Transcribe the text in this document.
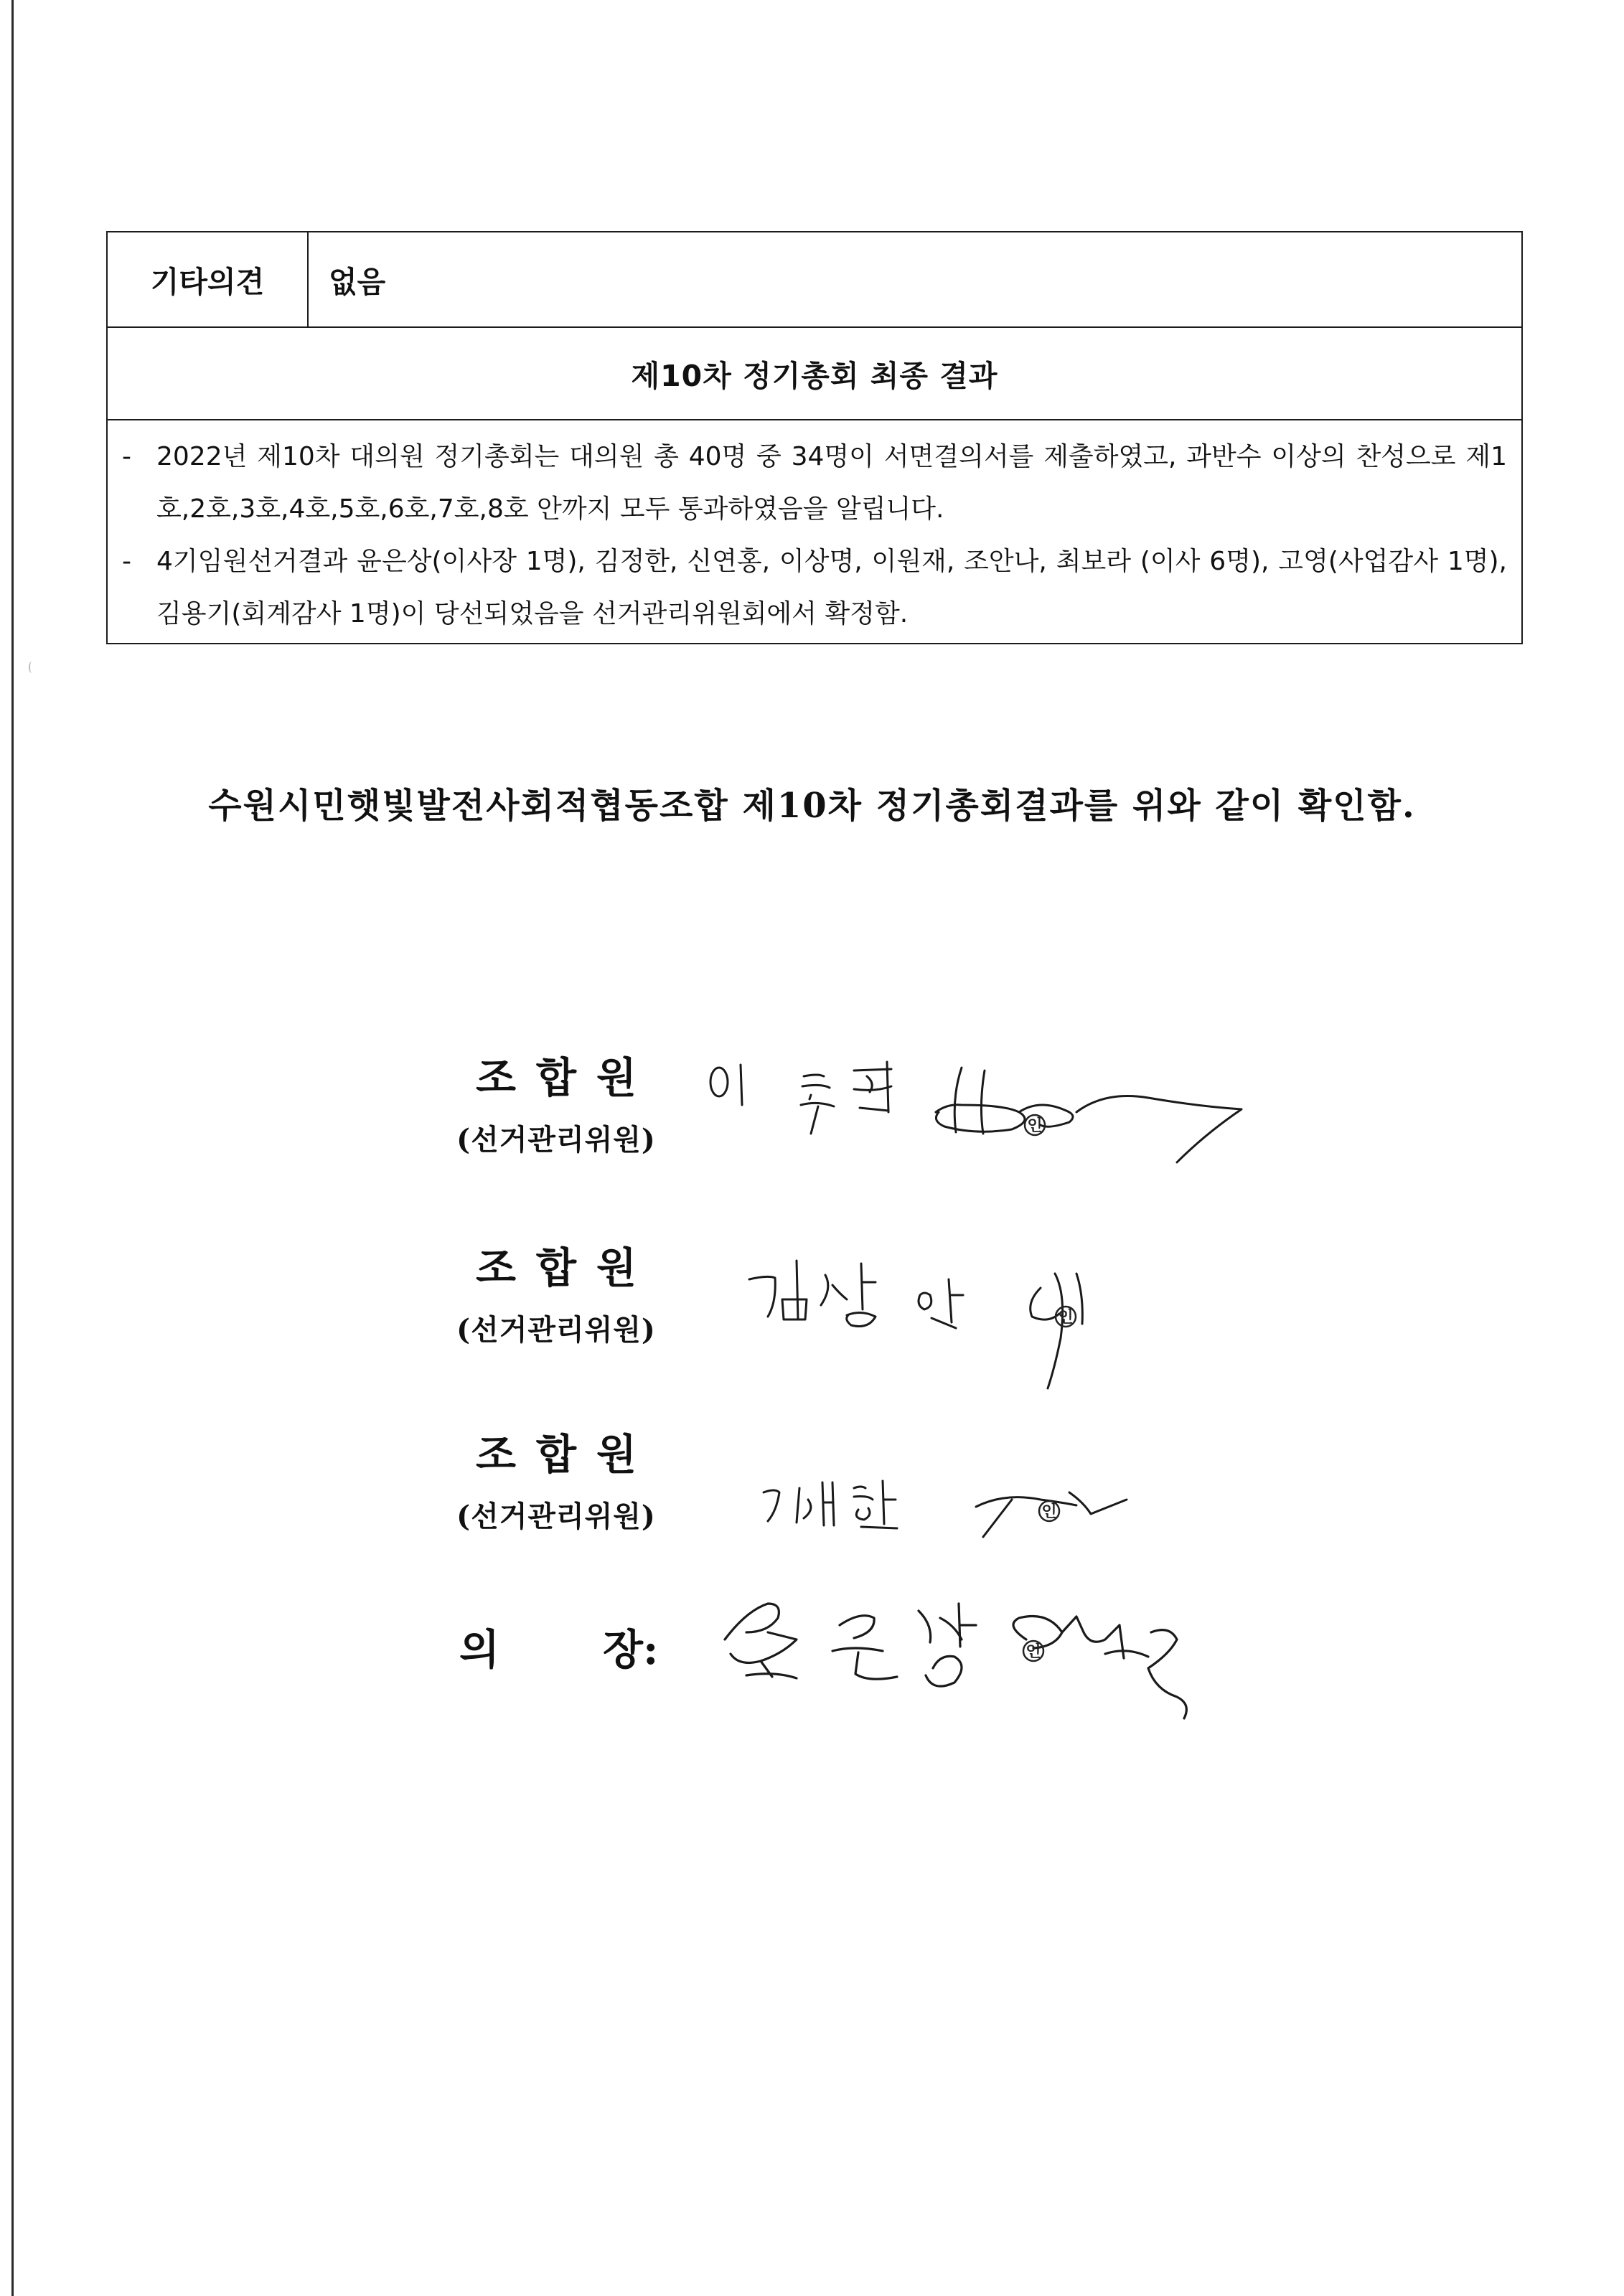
기타의견	없음
제10차 정기총회 최종 결과

- 2022년 제10차 대의원 정기총회는 대의원 총 40명 중 34명이 서면결의서를 제출하였고, 과반수 이상의 찬성으로 제1호,2호,3호,4호,5호,6호,7호,8호 안까지 모두 통과하였음을 알립니다.
- 4기임원선거결과 윤은상(이사장 1명), 김정한, 신연홍, 이상명, 이원재, 조안나, 최보라 (이사 6명), 고영(사업감사 1명), 김용기(회계감사 1명)이 당선되었음을 선거관리위원회에서 확정함.
수원시민햇빛발전사회적협동조합 제10차 정기총회결과를 위와 같이 확인함.
조합원
(선거관리위원)	인
조합원
(선거관리위원)	인
조합원
(선거관리위원)	인
의 장:	인
